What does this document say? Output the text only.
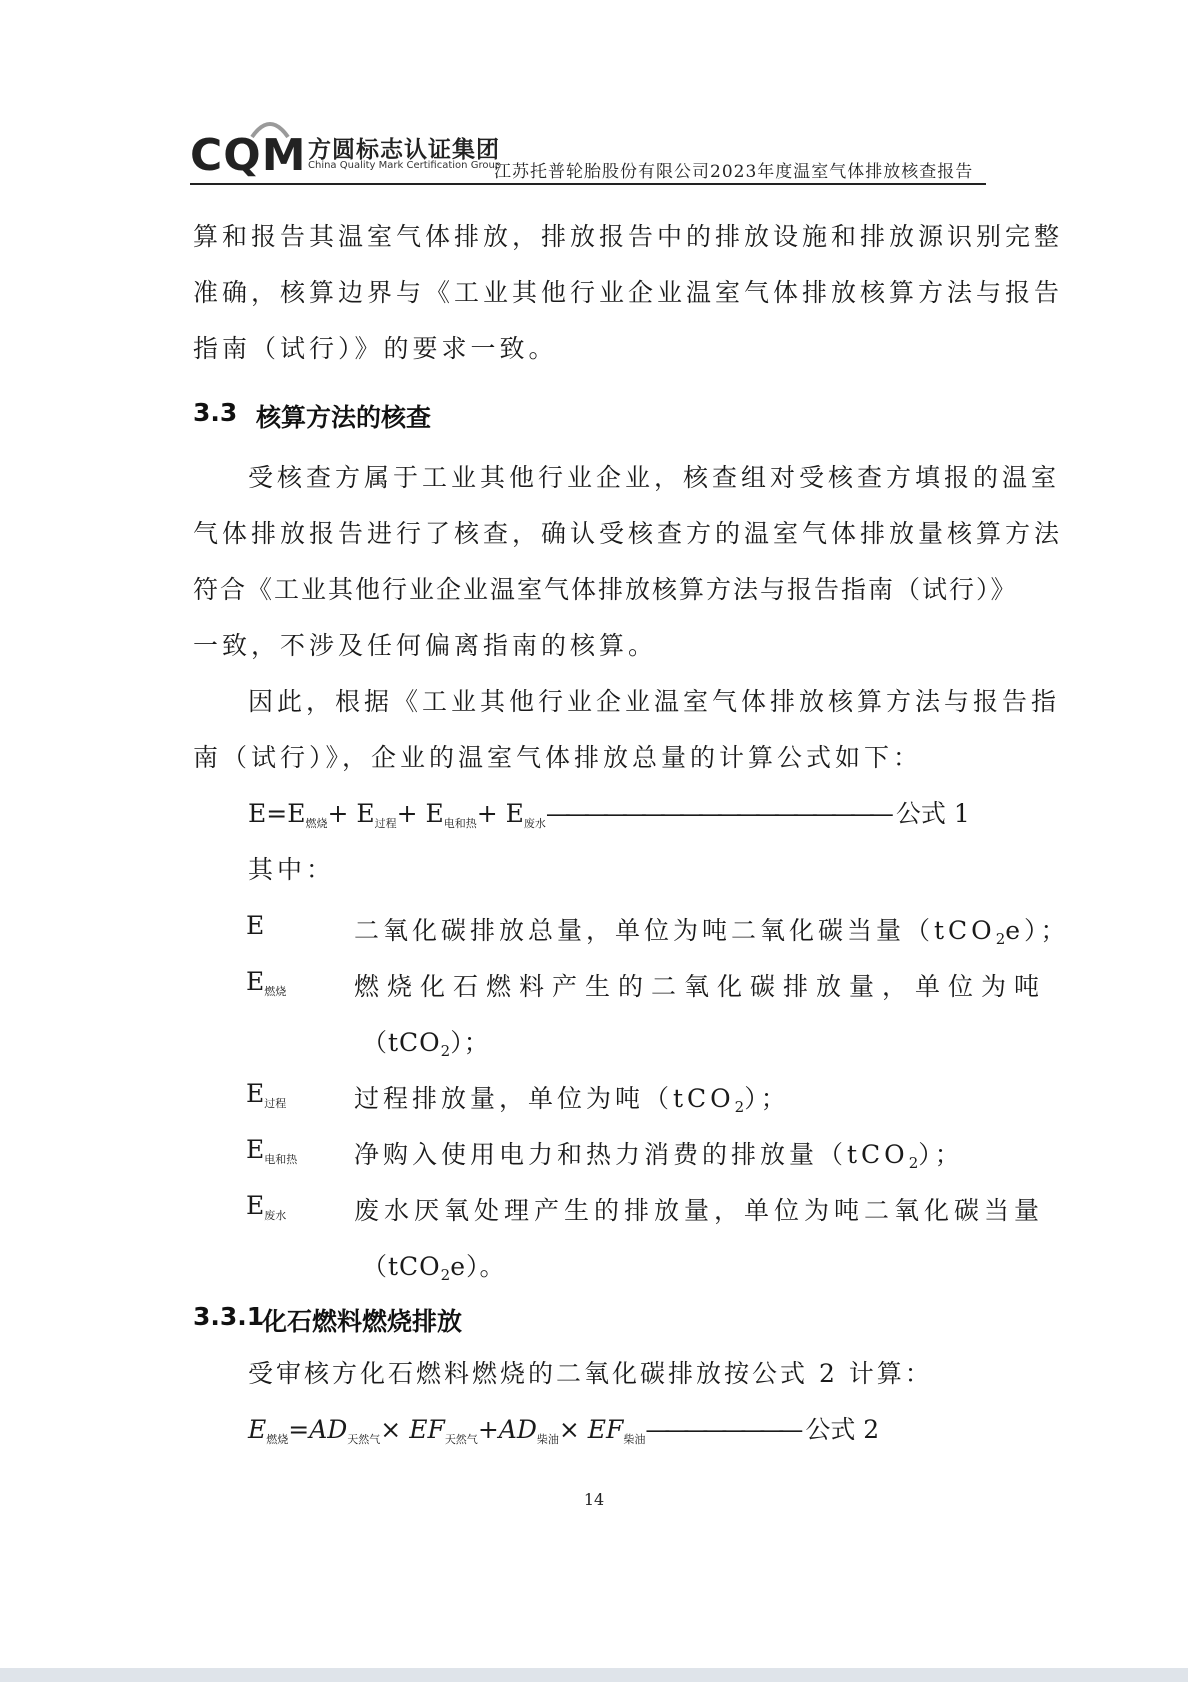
CQM 方圆标志认证集团
China Quality Mark Certification Group
江苏托普轮胎股份有限公司2023年度温室气体排放核查报告
算和报告其温室气体排放，排放报告中的排放设施和排放源识别完整
准确，核算边界与《工业其他行业企业温室气体排放核算方法与报告
指南（试行）》的要求一致。
3.3 核算方法的核查
受核查方属于工业其他行业企业，核查组对受核查方填报的温室
气体排放报告进行了核查，确认受核查方的温室气体排放量核算方法
符合《工业其他行业企业温室气体排放核算方法与报告指南（试行）》
一致，不涉及任何偏离指南的核算。
因此，根据《工业其他行业企业温室气体排放核算方法与报告指
南（试行）》，企业的温室气体排放总量的计算公式如下：
$E=E_{燃烧}+ E_{过程}+ E_{电和热}+$ $E_{废水}——————————————————$ 公式 1
其中：
E	二氧化碳排放总量，单位为吨二氧化碳当量（tCO$_2$e）；
$E_{燃烧}$	燃烧化石燃料产生的二氧化碳排放量，单位为吨
（tCO$_2$）；
$E_{过程}$	过程排放量，单位为吨（tCO$_2$）；
$E_{电和热}$ 净购入使用电力和热力消费的排放量（tCO$_2$）；
$E_{废水}$	废水厌氧处理产生的排放量，单位为吨二氧化碳当量
（tCO$_2$e）。
3.3.1
化石燃料燃烧排放
受审核方化石燃料燃烧的二氧化碳排放按公式 2 计算：
$E_{燃烧}=AD_{天然气}\times EF_{天然气}+AD_{柴油}\times$ $EF_{柴油}————————$ 公式 2
14
